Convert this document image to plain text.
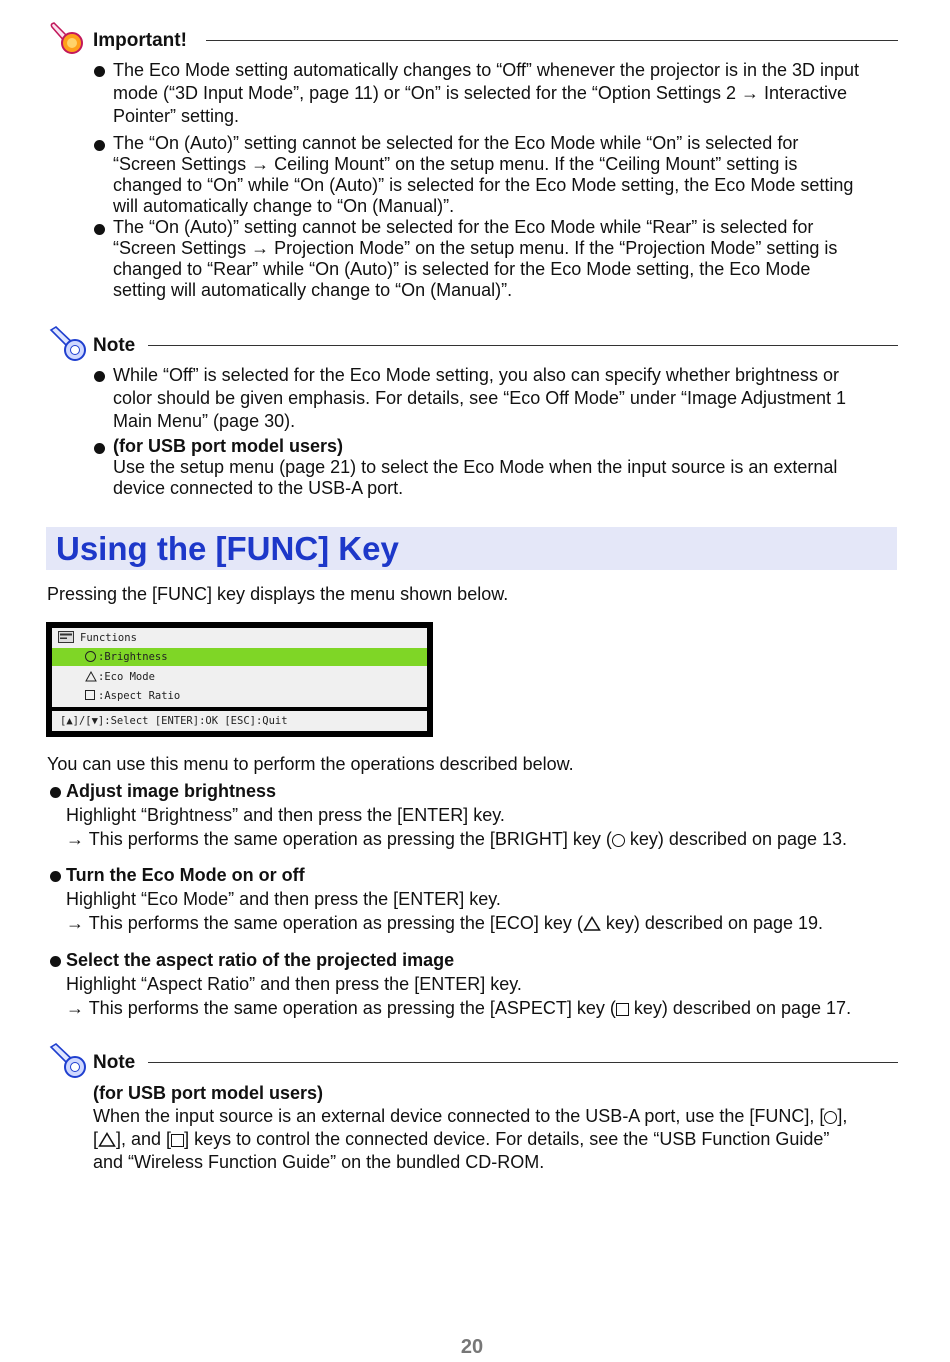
Important!
The Eco Mode setting automatically changes to “Off” whenever the projector is in the 3D input
mode (“3D Input Mode”, page 11) or “On” is selected for the “Option Settings 2 → Interactive
Pointer” setting.
The “On (Auto)” setting cannot be selected for the Eco Mode while “On” is selected for
“Screen Settings → Ceiling Mount” on the setup menu. If the “Ceiling Mount” setting is
changed to “On” while “On (Auto)” is selected for the Eco Mode setting, the Eco Mode setting
will automatically change to “On (Manual)”.
The “On (Auto)” setting cannot be selected for the Eco Mode while “Rear” is selected for
“Screen Settings → Projection Mode” on the setup menu. If the “Projection Mode” setting is
changed to “Rear” while “On (Auto)” is selected for the Eco Mode setting, the Eco Mode
setting will automatically change to “On (Manual)”.
Note
While “Off” is selected for the Eco Mode setting, you also can specify whether brightness or
color should be given emphasis. For details, see “Eco Off Mode” under “Image Adjustment 1
Main Menu” (page 30).
(for USB port model users)
Use the setup menu (page 21) to select the Eco Mode when the input source is an external
device connected to the USB-A port.
Using the [FUNC] Key
Pressing the [FUNC] key displays the menu shown below.
Functions
:Brightness
:Eco Mode
:Aspect Ratio
[▲]/[▼]:Select [ENTER]:OK [ESC]:Quit
You can use this menu to perform the operations described below.
Adjust image brightness
Highlight “Brightness” and then press the [ENTER] key.
→ This performs the same operation as pressing the [BRIGHT] key ( key) described on page 13.
Turn the Eco Mode on or off
Highlight “Eco Mode” and then press the [ENTER] key.
→ This performs the same operation as pressing the [ECO] key ( key) described on page 19.
Select the aspect ratio of the projected image
Highlight “Aspect Ratio” and then press the [ENTER] key.
→ This performs the same operation as pressing the [ASPECT] key ( key) described on page 17.
Note
(for USB port model users)
When the input source is an external device connected to the USB-A port, use the [FUNC], [ ],
[ ], and [ ] keys to control the connected device. For details, see the “USB Function Guide”
and “Wireless Function Guide” on the bundled CD-ROM.
20
